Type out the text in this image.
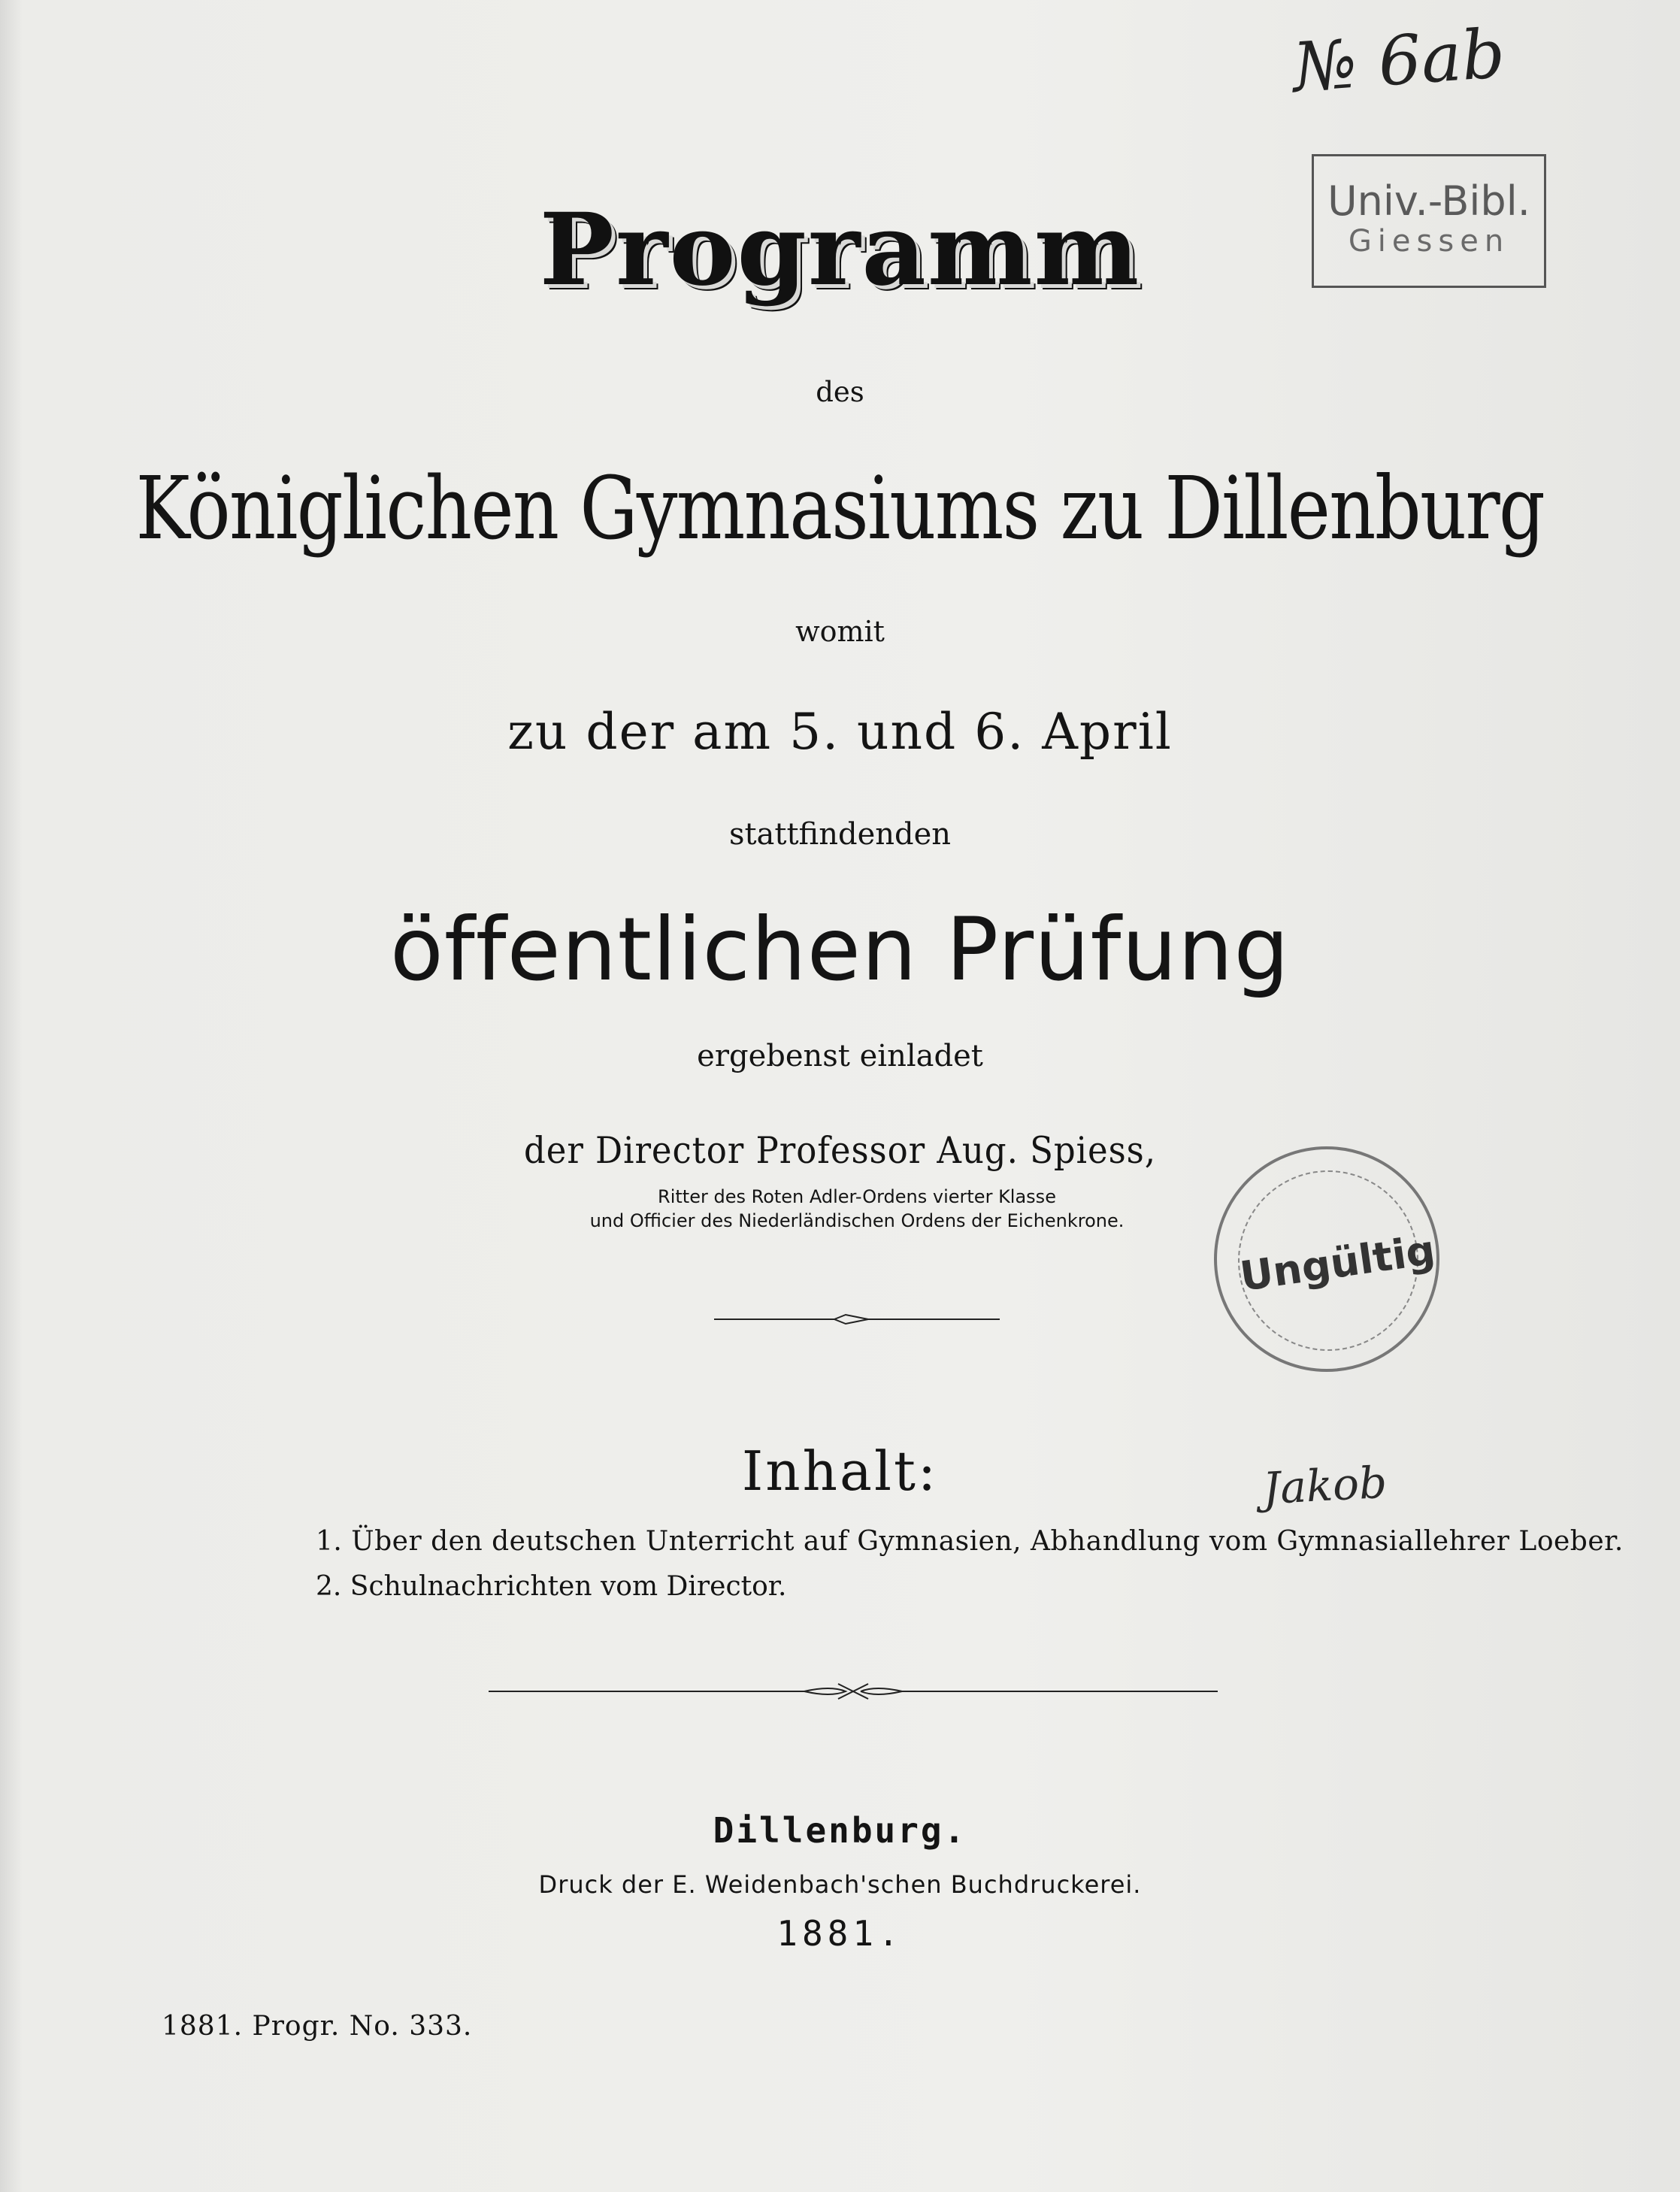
№ 6ab
Univ.-Bibl.
Giessen
Programm
des
Königlichen Gymnasiums zu Dillenburg
womit
zu der am 5. und 6. April
stattfindenden
öffentlichen Prüfung
ergebenst einladet
der Director Professor Aug. Spiess,
Ritter des Roten Adler-Ordens vierter Klasse
und Officier des Niederländischen Ordens der Eichenkrone.
Ungültig
Inhalt:	Jakob
1. Über den deutschen Unterricht auf Gymnasien, Abhandlung vom Gymnasiallehrer Loeber.
2. Schulnachrichten vom Director.
Dillenburg.
Druck der E. Weidenbach'schen Buchdruckerei.
1881.
1881. Progr. No. 333.
